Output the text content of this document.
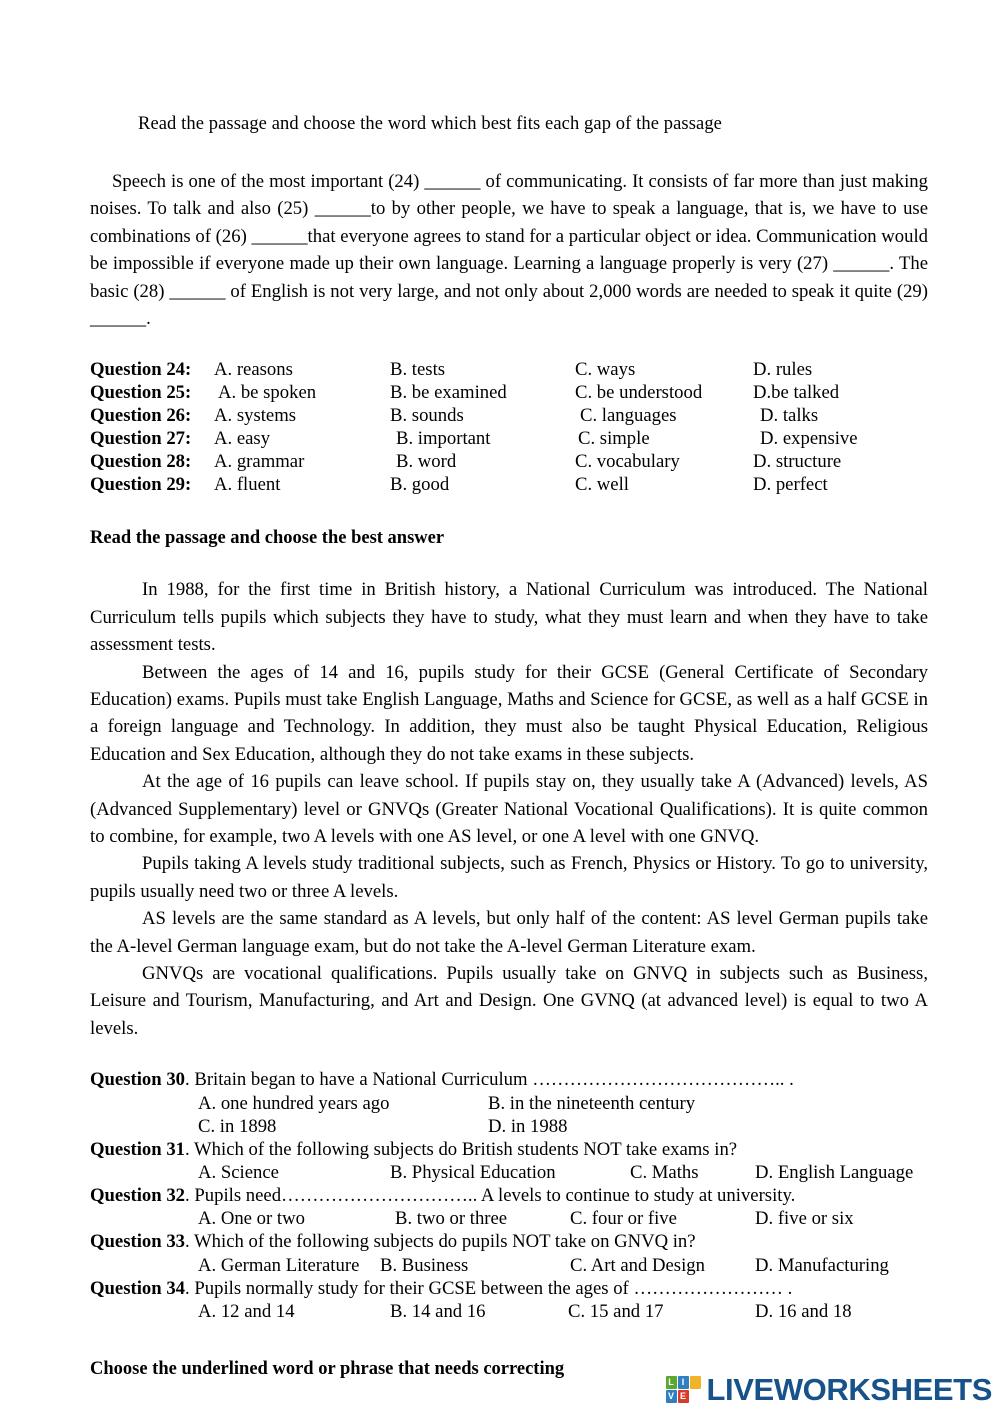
Read the passage and choose the word which best fits each gap of the passage

Speech is one of the most important (24) ______ of communicating. It consists of far more than just making noises. To talk and also (25) ______to by other people, we have to speak a language, that is, we have to use combinations of (26) ______that everyone agrees to stand for a particular object or idea. Communication would be impossible if everyone made up their own language. Learning a language properly is very (27) ______. The basic (28) ______ of English is not very large, and not only about 2,000 words are needed to speak it quite (29) ______.

Question 24: A. reasons	B. tests	C. ways	D. rules
Question 25: A. be spoken	B. be examined	C. be understood	D.be talked
Question 26: A. systems	B. sounds	C. languages	D. talks
Question 27: A. easy	B. important	C. simple	D. expensive
Question 28: A. grammar	B. word	C. vocabulary	D. structure
Question 29: A. fluent	B. good	C. well	D. perfect
Read the passage and choose the best answer

In 1988, for the first time in British history, a National Curriculum was introduced. The National Curriculum tells pupils which subjects they have to study, what they must learn and when they have to take assessment tests.

Between the ages of 14 and 16, pupils study for their GCSE (General Certificate of Secondary Education) exams. Pupils must take English Language, Maths and Science for GCSE, as well as a half GCSE in a foreign language and Technology. In addition, they must also be taught Physical Education, Religious Education and Sex Education, although they do not take exams in these subjects.

At the age of 16 pupils can leave school. If pupils stay on, they usually take A (Advanced) levels, AS (Advanced Supplementary) level or GNVQs (Greater National Vocational Qualifications). It is quite common to combine, for example, two A levels with one AS level, or one A level with one GNVQ.

Pupils taking A levels study traditional subjects, such as French, Physics or History. To go to university, pupils usually need two or three A levels.

AS levels are the same standard as A levels, but only half of the content: AS level German pupils take the A-level German language exam, but do not take the A-level German Literature exam.

GNVQs are vocational qualifications. Pupils usually take on GNVQ in subjects such as Business, Leisure and Tourism, Manufacturing, and Art and Design. One GVNQ (at advanced level) is equal to two A levels.

Question 30. Britain began to have a National Curriculum ………………………………….. .
A. one hundred years ago	B. in the nineteenth century
C. in 1898	D. in 1988
Question 31. Which of the following subjects do British students NOT take exams in?
A. Science	B. Physical Education	C. Maths	D. English Language
Question 32. Pupils need………………………….. A levels to continue to study at university.
A. One or two	B. two or three	C. four or five	D. five or six
Question 33. Which of the following subjects do pupils NOT take on GNVQ in?
A. German Literature B. Business	C. Art and Design	D. Manufacturing
Question 34. Pupils normally study for their GCSE between the ages of …………………… .
A. 12 and 14	B. 14 and 16	C. 15 and 17	D. 16 and 18
Choose the underlined word or phrase that needs correcting
L I
V E LIVEWORKSHEETS
